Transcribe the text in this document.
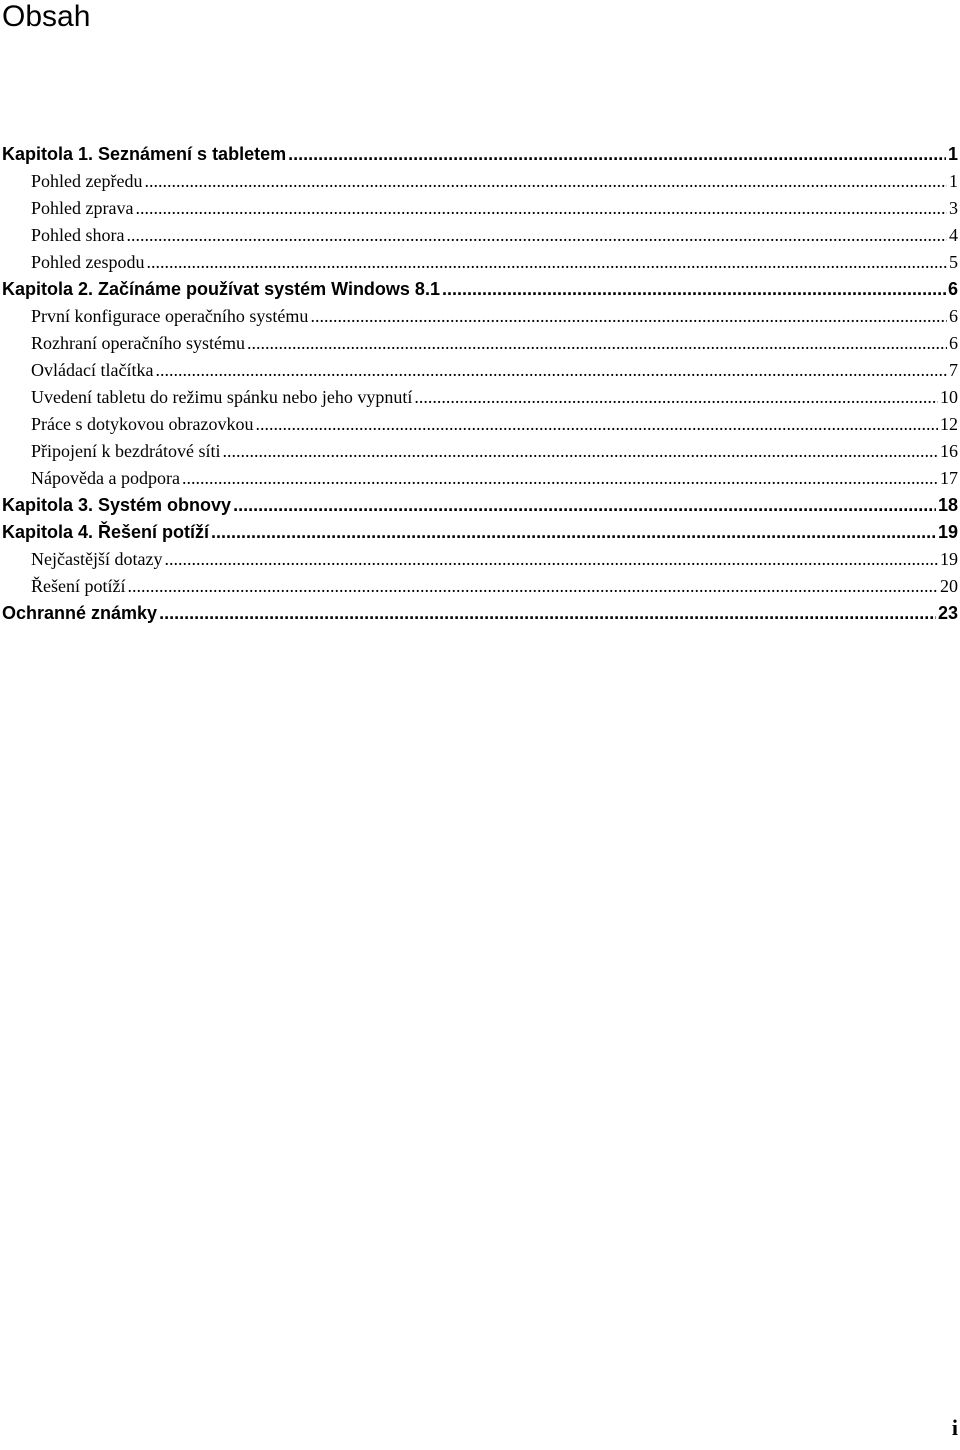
Obsah
Kapitola 1. Seznámení s tabletem .....	1
Pohled zepředu .....	1
Pohled zprava .....	3
Pohled shora .....	4
Pohled zespodu .....	5
Kapitola 2. Začínáme používat systém Windows 8.1 .....	6
První konfigurace operačního systému .....	6
Rozhraní operačního systému .....	6
Ovládací tlačítka .....	7
Uvedení tabletu do režimu spánku nebo jeho vypnutí .....	10
Práce s dotykovou obrazovkou .....	12
Připojení k bezdrátové síti .....	16
Nápověda a podpora .....	17
Kapitola 3. Systém obnovy .....	18
Kapitola 4. Řešení potíží .....	19
Nejčastější dotazy .....	19
Řešení potíží .....	20
Ochranné známky .....	23
i
